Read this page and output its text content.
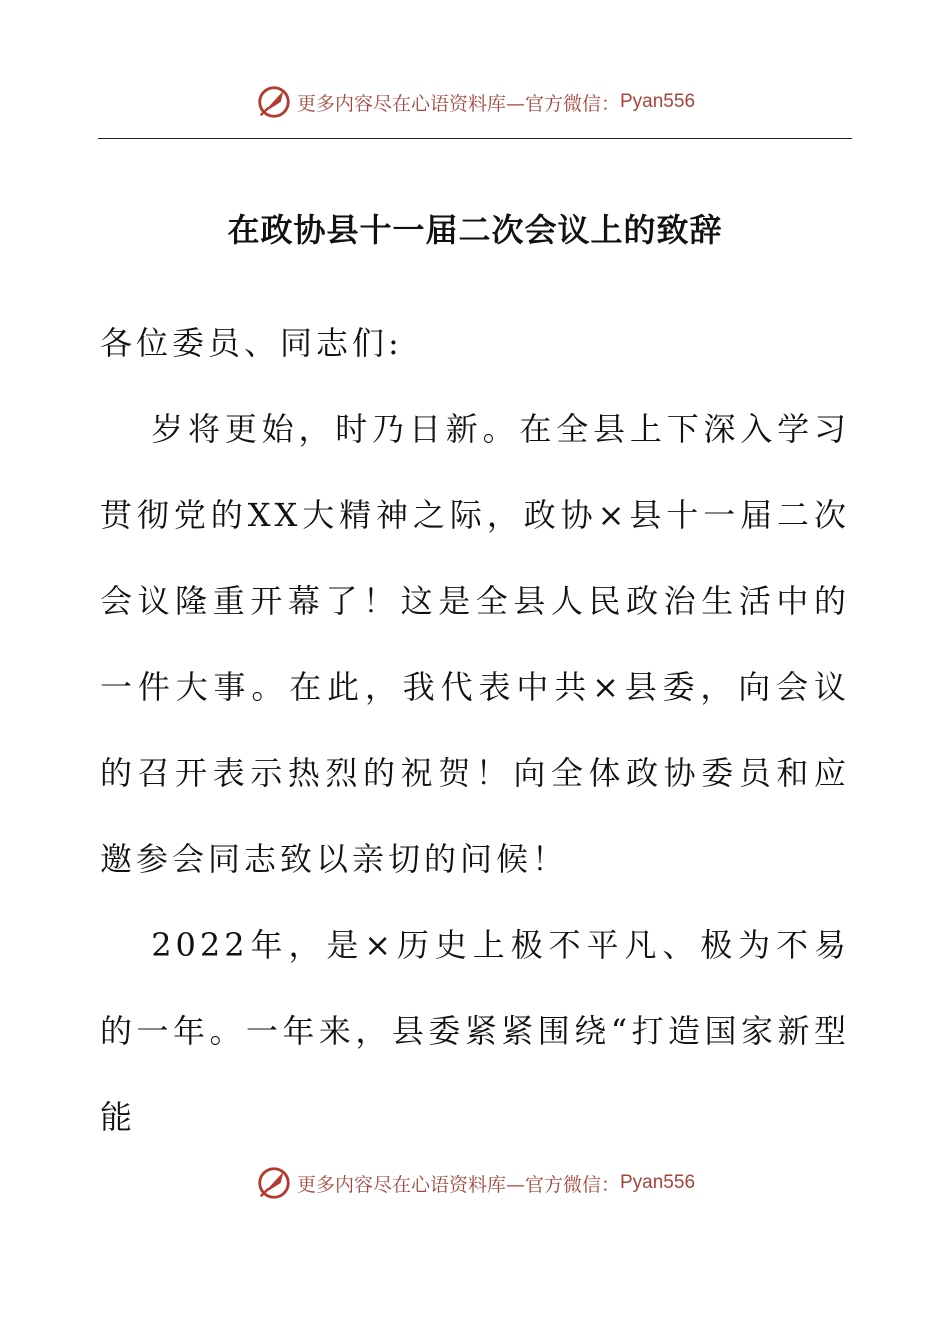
更多内容尽在心语资料库—官方微信： Pyan556
在政协县十一届二次会议上的致辞

各位委员、同志们:

岁将更始，时乃日新。在全县上下深入学习贯彻党的XX大精神之际，政协×县十一届二次会议隆重开幕了！这是全县人民政治生活中的一件大事。在此，我代表中共×县委，向会议的召开表示热烈的祝贺！向全体政协委员和应邀参会同志致以亲切的问候！

2022年，是×历史上极不平凡、极为不易的一年。一年来，县委紧紧围绕“打造国家新型能

更多内容尽在心语资料库—官方微信： Pyan556
